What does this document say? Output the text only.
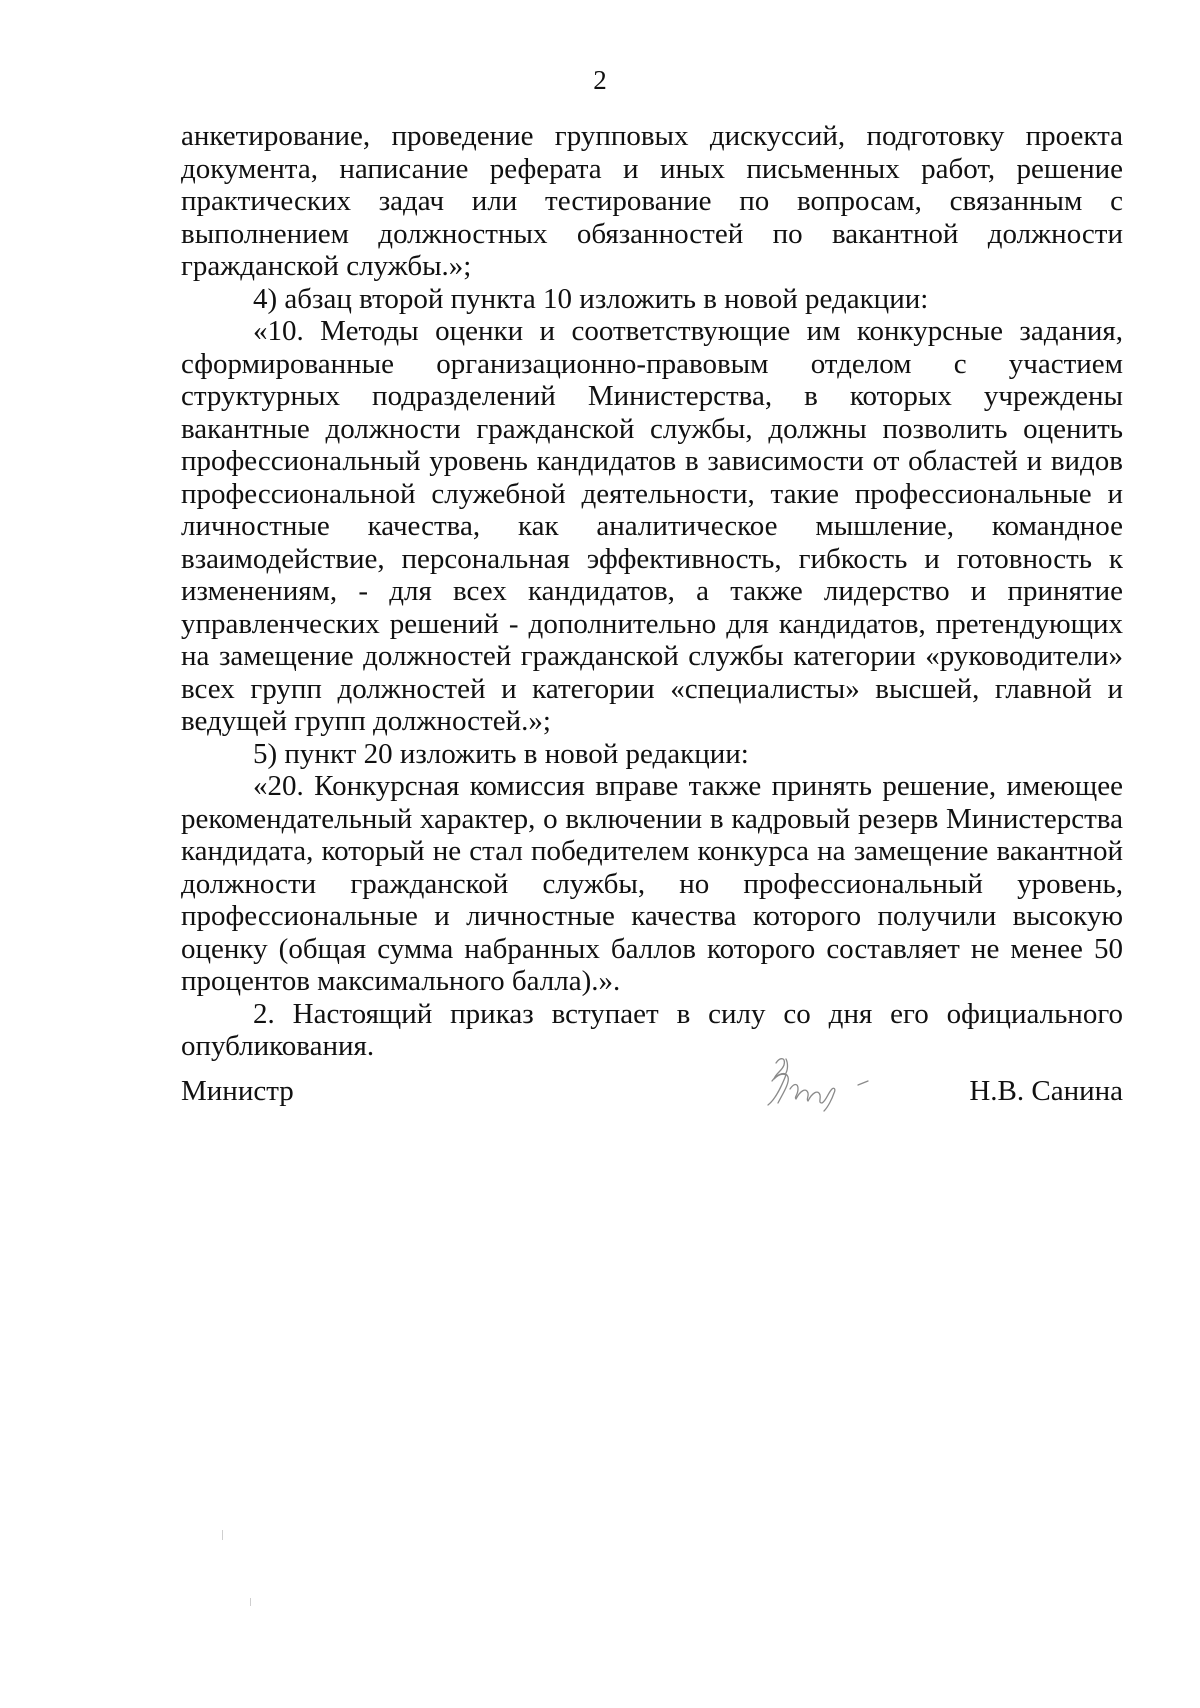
2

анкетирование, проведение групповых дискуссий, подготовку проекта документа, написание реферата и иных письменных работ, решение практических задач или тестирование по вопросам, связанным с выполнением должностных обязанностей по вакантной должности гражданской службы.»;

4) абзац второй пункта 10 изложить в новой редакции:

«10. Методы оценки и соответствующие им конкурсные задания, сформированные организационно-правовым отделом с участием структурных подразделений Министерства, в которых учреждены вакантные должности гражданской службы, должны позволить оценить профессиональный уровень кандидатов в зависимости от областей и видов профессиональной служебной деятельности, такие профессиональные и личностные качества, как аналитическое мышление, командное взаимодействие, персональная эффективность, гибкость и готовность к изменениям, - для всех кандидатов, а также лидерство и принятие управленческих решений - дополнительно для кандидатов, претендующих на замещение должностей гражданской службы категории «руководители» всех групп должностей и категории «специалисты» высшей, главной и ведущей групп должностей.»;

5) пункт 20 изложить в новой редакции:

«20. Конкурсная комиссия вправе также принять решение, имеющее рекомендательный характер, о включении в кадровый резерв Министерства кандидата, который не стал победителем конкурса на замещение вакантной должности гражданской службы, но профессиональный уровень, профессиональные и личностные качества которого получили высокую оценку (общая сумма набранных баллов которого составляет не менее 50 процентов максимального балла).».

2. Настоящий приказ вступает в силу со дня его официального опубликования.

Министр	Н.В. Санина
